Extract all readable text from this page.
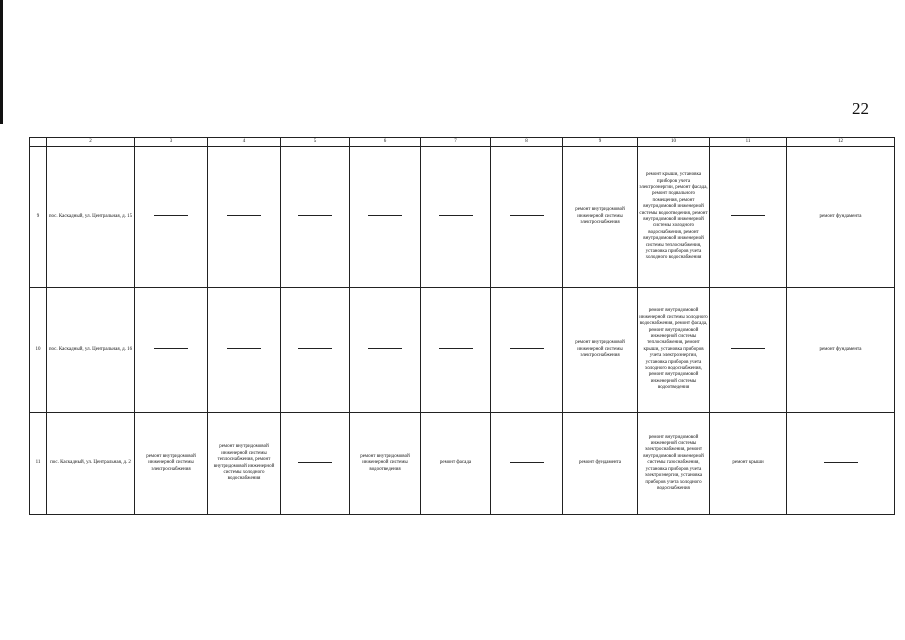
22
	2	3	4	5	6	7	8	9	10	11	12
9	пос. Каскадный, ул. Центральная, д. 15							ремонт внутридомовой инженерной системы электроснабжения	ремонт крыши, установка приборов учета электроэнергии, ремонт фасада, ремонт подвального помещения, ремонт внутридомовой инженерной системы водоотведения, ремонт внутридомовой инженерной системы холодного водоснабжения, ремонт внутридомовой инженерной системы теплоснабжения, установка приборов учета холодного водоснабжения		ремонт фундамента
10	пос. Каскадный, ул. Центральная, д. 16							ремонт внутридомовой инженерной системы электроснабжения	ремонт внутридомовой инженерной системы холодного водоснабжения, ремонт фасада, ремонт внутридомовой инженерной системы теплоснабжения, ремонт крыши, установка приборов учета электроэнергии, установка приборов учета холодного водоснабжения, ремонт внутридомовой инженерной системы водоотведения		ремонт фундамента
11	пос. Каскадный, ул. Центральная, д. 2	ремонт внутридомовой инженерной системы электроснабжения	ремонт внутридомовой инженерной системы теплоснабжения, ремонт внутридомовой инженерной системы холодного водоснабжения		ремонт внутридомовой инженерной системы водоотведения	ремонт фасада		ремонт фундамента	ремонт внутридомовой инженерной системы электроснабжения, ремонт внутридомовой инженерной системы газоснабжения, установка приборов учета электроэнергии, установка приборов учета холодного водоснабжения	ремонт крыши	
